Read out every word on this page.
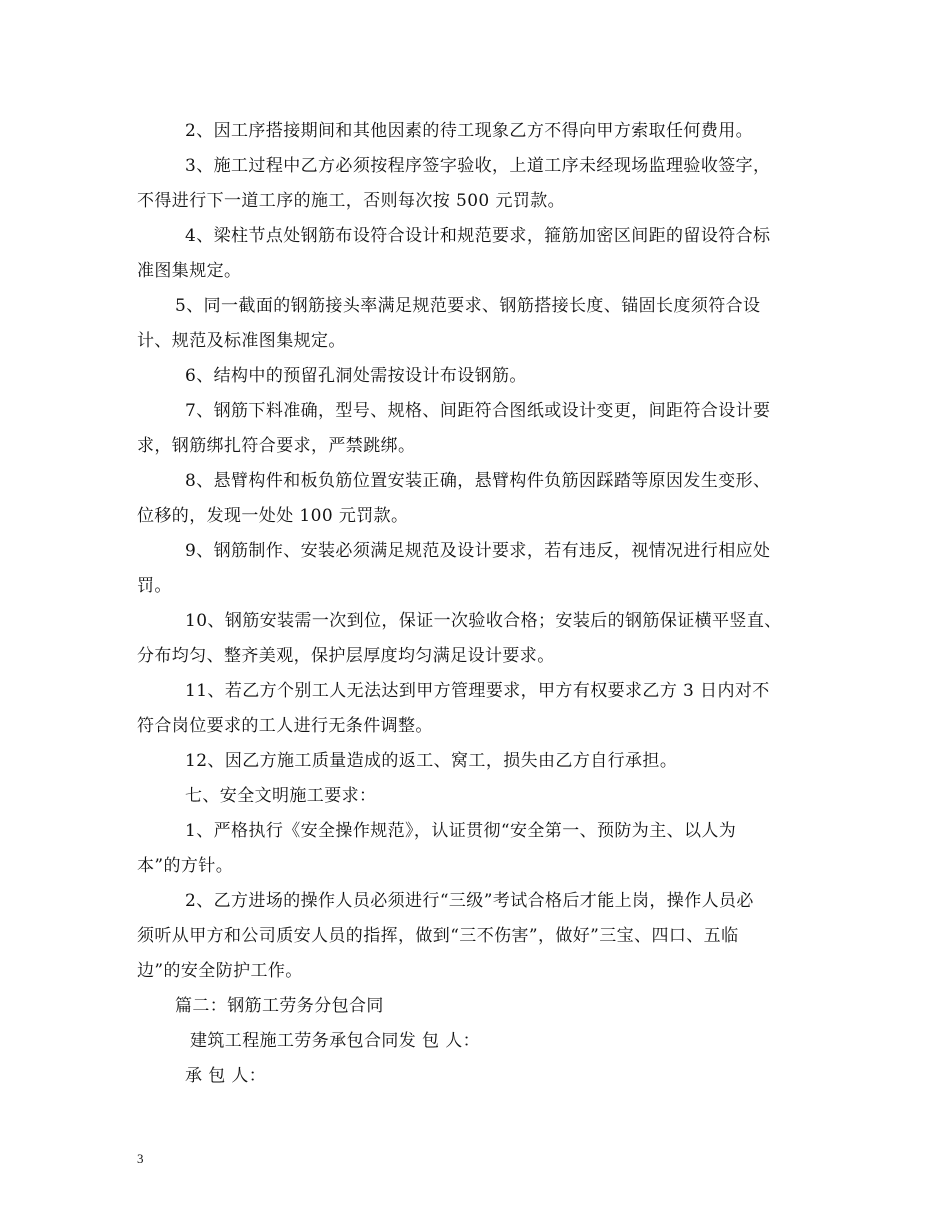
2、因工序搭接期间和其他因素的待工现象乙方不得向甲方索取任何费用。
3、施工过程中乙方必须按程序签字验收，上道工序未经现场监理验收签字，
不得进行下一道工序的施工，否则每次按 500 元罚款。
4、梁柱节点处钢筋布设符合设计和规范要求，箍筋加密区间距的留设符合标
准图集规定。
5、同一截面的钢筋接头率满足规范要求、钢筋搭接长度、锚固长度须符合设
计、规范及标准图集规定。
6、结构中的预留孔洞处需按设计布设钢筋。
7、钢筋下料准确，型号、规格、间距符合图纸或设计变更，间距符合设计要
求，钢筋绑扎符合要求，严禁跳绑。
8、悬臂构件和板负筋位置安装正确，悬臂构件负筋因踩踏等原因发生变形、
位移的，发现一处处 100 元罚款。
9、钢筋制作、安装必须满足规范及设计要求，若有违反，视情况进行相应处
罚。
10、钢筋安装需一次到位，保证一次验收合格；安装后的钢筋保证横平竖直、
分布均匀、整齐美观，保护层厚度均匀满足设计要求。
11、若乙方个别工人无法达到甲方管理要求，甲方有权要求乙方 3 日内对不
符合岗位要求的工人进行无条件调整。
12、因乙方施工质量造成的返工、窝工，损失由乙方自行承担。
七、安全文明施工要求：
1、严格执行《安全操作规范》，认证贯彻“安全第一、预防为主、以人为
本”的方针。
2、乙方进场的操作人员必须进行“三级”考试合格后才能上岗，操作人员必
须听从甲方和公司质安人员的指挥，做到“三不伤害”，做好”三宝、四口、五临
边”的安全防护工作。
篇二：钢筋工劳务分包合同
建筑工程施工劳务承包合同发 包 人：
承 包 人：
3
